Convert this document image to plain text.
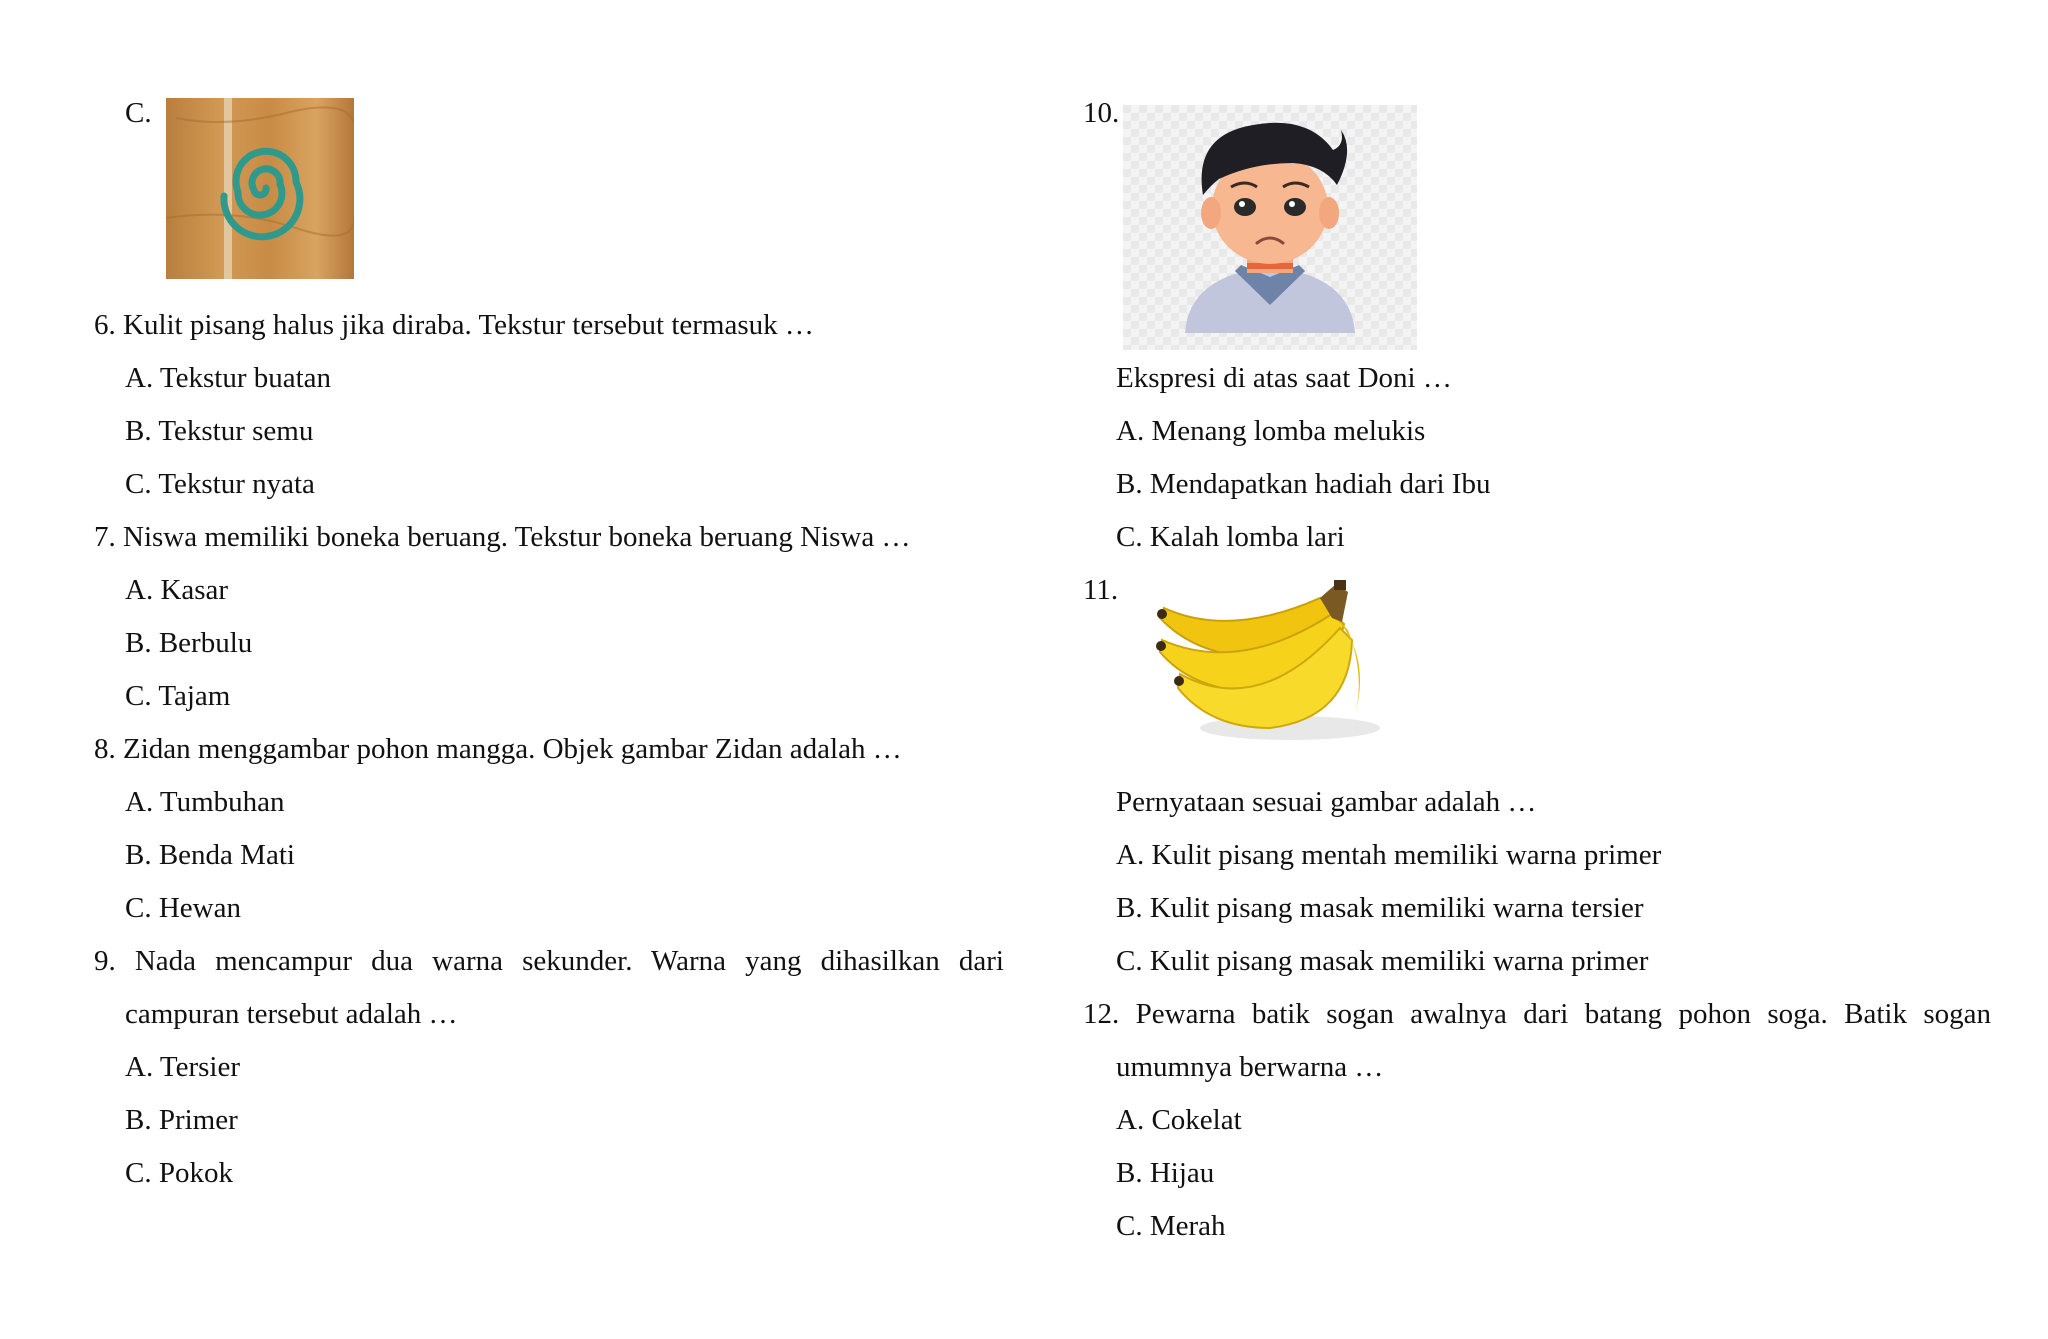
C.
6. Kulit pisang halus jika diraba. Tekstur tersebut termasuk …
A. Tekstur buatan
B. Tekstur semu
C. Tekstur nyata
7. Niswa memiliki boneka beruang. Tekstur boneka beruang Niswa …
A. Kasar
B. Berbulu
C. Tajam
8. Zidan menggambar pohon mangga. Objek gambar Zidan adalah …
A. Tumbuhan
B. Benda Mati
C. Hewan
9. Nada mencampur dua warna sekunder. Warna yang dihasilkan dari
campuran tersebut adalah …
A. Tersier
B. Primer
C. Pokok
10.
Ekspresi di atas saat Doni …
A. Menang lomba melukis
B. Mendapatkan hadiah dari Ibu
C. Kalah lomba lari
11.
Pernyataan sesuai gambar adalah …
A. Kulit pisang mentah memiliki warna primer
B. Kulit pisang masak memiliki warna tersier
C. Kulit pisang masak memiliki warna primer
12. Pewarna batik sogan awalnya dari batang pohon soga. Batik sogan
umumnya berwarna …
A. Cokelat
B. Hijau
C. Merah
